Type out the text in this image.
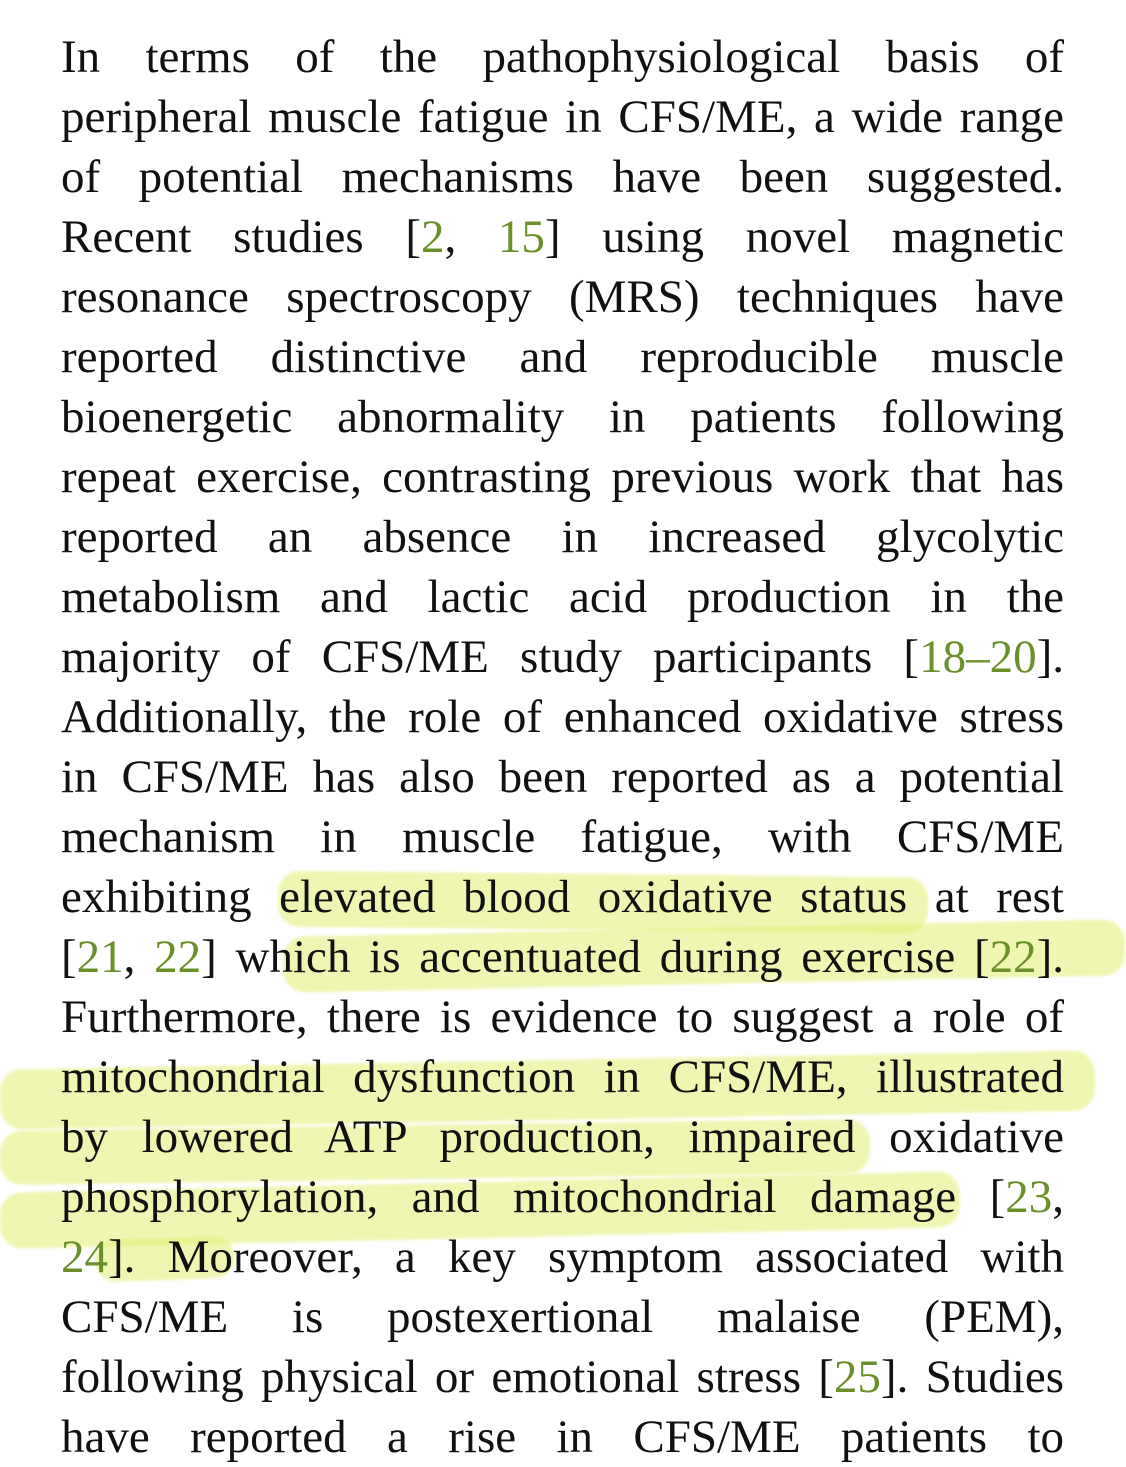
In terms of the pathophysiological basis of
peripheral muscle fatigue in CFS/ME, a wide range
of potential mechanisms have been suggested.
Recent studies [2, 15] using novel magnetic
resonance spectroscopy (MRS) techniques have
reported distinctive and reproducible muscle
bioenergetic abnormality in patients following
repeat exercise, contrasting previous work that has
reported an absence in increased glycolytic
metabolism and lactic acid production in the
majority of CFS/ME study participants [18–20].
Additionally, the role of enhanced oxidative stress
in CFS/ME has also been reported as a potential
mechanism in muscle fatigue, with CFS/ME
exhibiting elevated blood oxidative status at rest
[21, 22] which is accentuated during exercise [22].
Furthermore, there is evidence to suggest a role of
mitochondrial dysfunction in CFS/ME, illustrated
by lowered ATP production, impaired oxidative
phosphorylation, and mitochondrial damage [23,
24]. Moreover, a key symptom associated with
CFS/ME is postexertional malaise (PEM),
following physical or emotional stress [25]. Studies
have reported a rise in CFS/ME patients to
